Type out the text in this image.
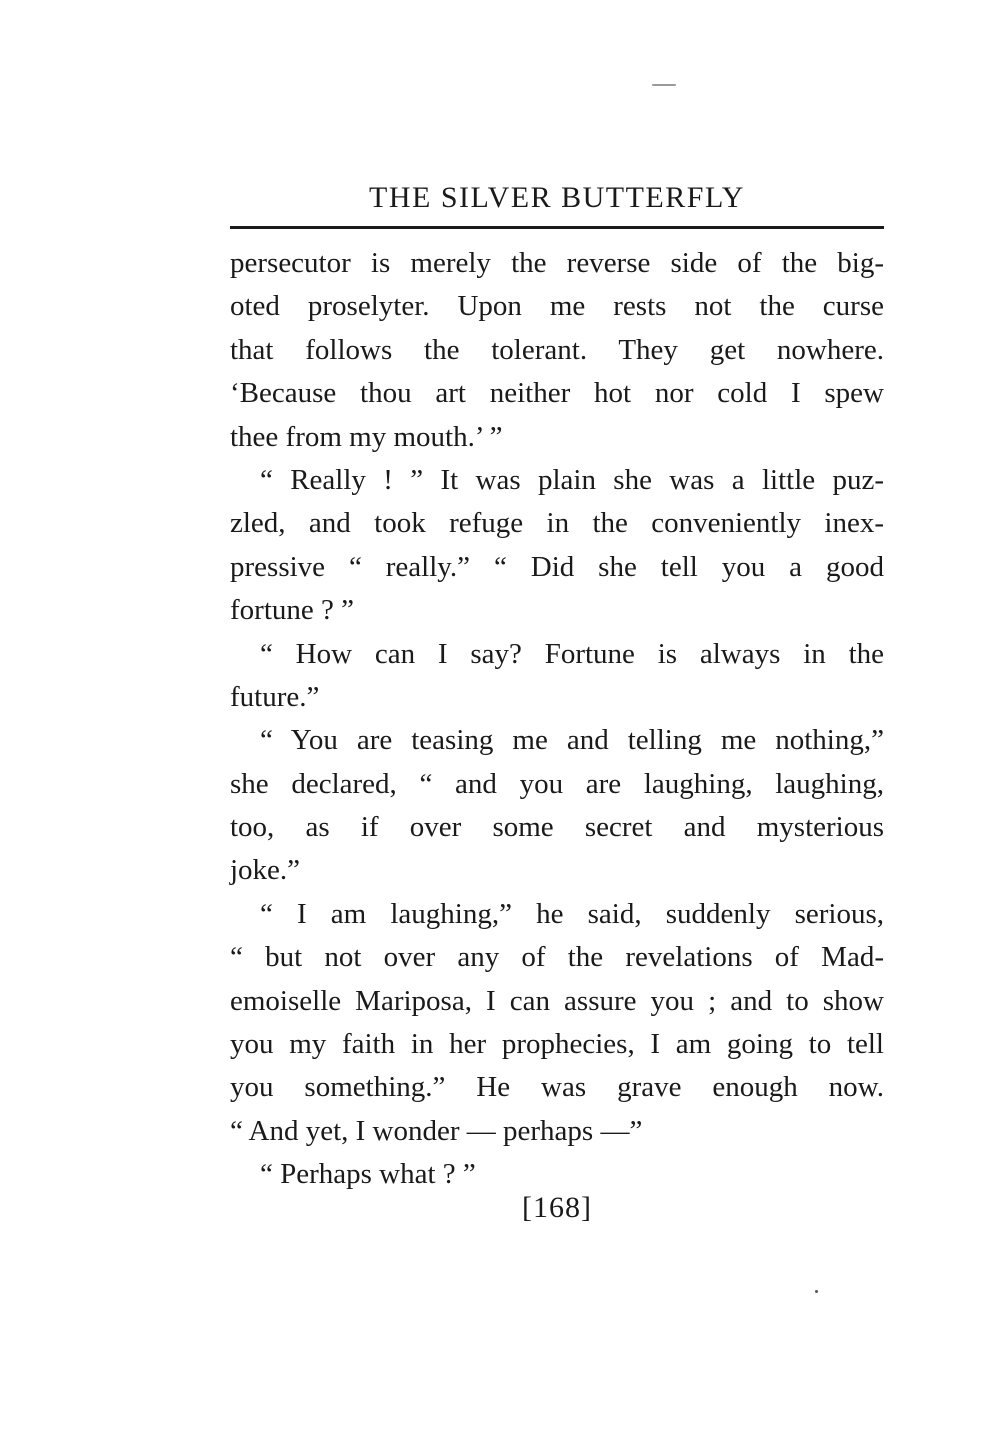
THE SILVER BUTTERFLY
persecutor is merely the reverse side of the big-
oted proselyter. Upon me rests not the curse
that follows the tolerant. They get nowhere.
‘Because thou art neither hot nor cold I spew
thee from my mouth.’ ”
“ Really ! ” It was plain she was a little puz-
zled, and took refuge in the conveniently inex-
pressive “ really.” “ Did she tell you a good
fortune ? ”
“ How can I say? Fortune is always in the
future.”
“ You are teasing me and telling me nothing,”
she declared, “ and you are laughing, laughing,
too, as if over some secret and mysterious
joke.”
“ I am laughing,” he said, suddenly serious,
“ but not over any of the revelations of Mad-
emoiselle Mariposa, I can assure you ; and to show
you my faith in her prophecies, I am going to tell
you something.” He was grave enough now.
“ And yet, I wonder — perhaps —”
“ Perhaps what ? ”
[168]
